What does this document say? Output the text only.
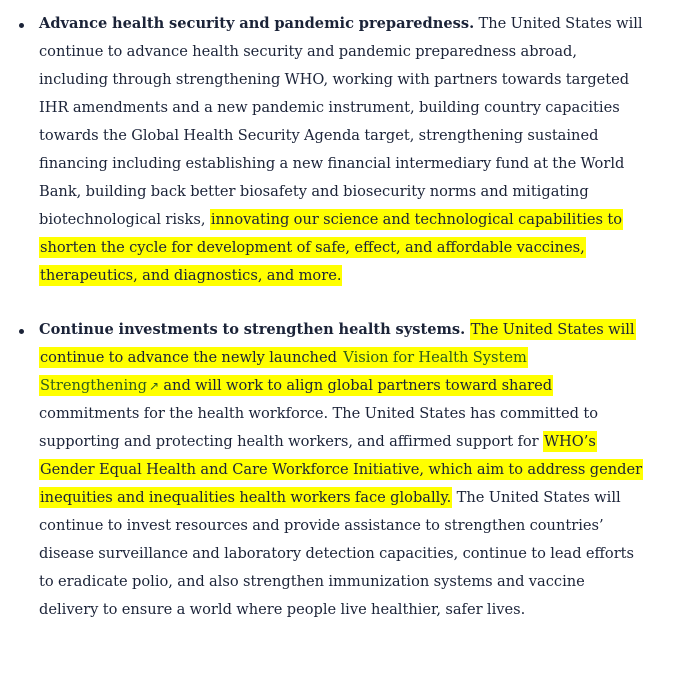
Advance health security and pandemic preparedness. The United States will continue to advance health security and pandemic preparedness abroad, including through strengthening WHO, working with partners towards targeted IHR amendments and a new pandemic instrument, building country capacities towards the Global Health Security Agenda target, strengthening sustained financing including establishing a new financial intermediary fund at the World Bank, building back better biosafety and biosecurity norms and mitigating biotechnological risks, innovating our science and technological capabilities to shorten the cycle for development of safe, effect, and affordable vaccines, therapeutics, and diagnostics, and more.
Continue investments to strengthen health systems. The United States will continue to advance the newly launched Vision for Health System Strengthening ↗ and will work to align global partners toward shared commitments for the health workforce. The United States has committed to supporting and protecting health workers, and affirmed support for WHO’s Gender Equal Health and Care Workforce Initiative, which aim to address gender inequities and inequalities health workers face globally. The United States will continue to invest resources and provide assistance to strengthen countries’ disease surveillance and laboratory detection capacities, continue to lead efforts to eradicate polio, and also strengthen immunization systems and vaccine delivery to ensure a world where people live healthier, safer lives.
